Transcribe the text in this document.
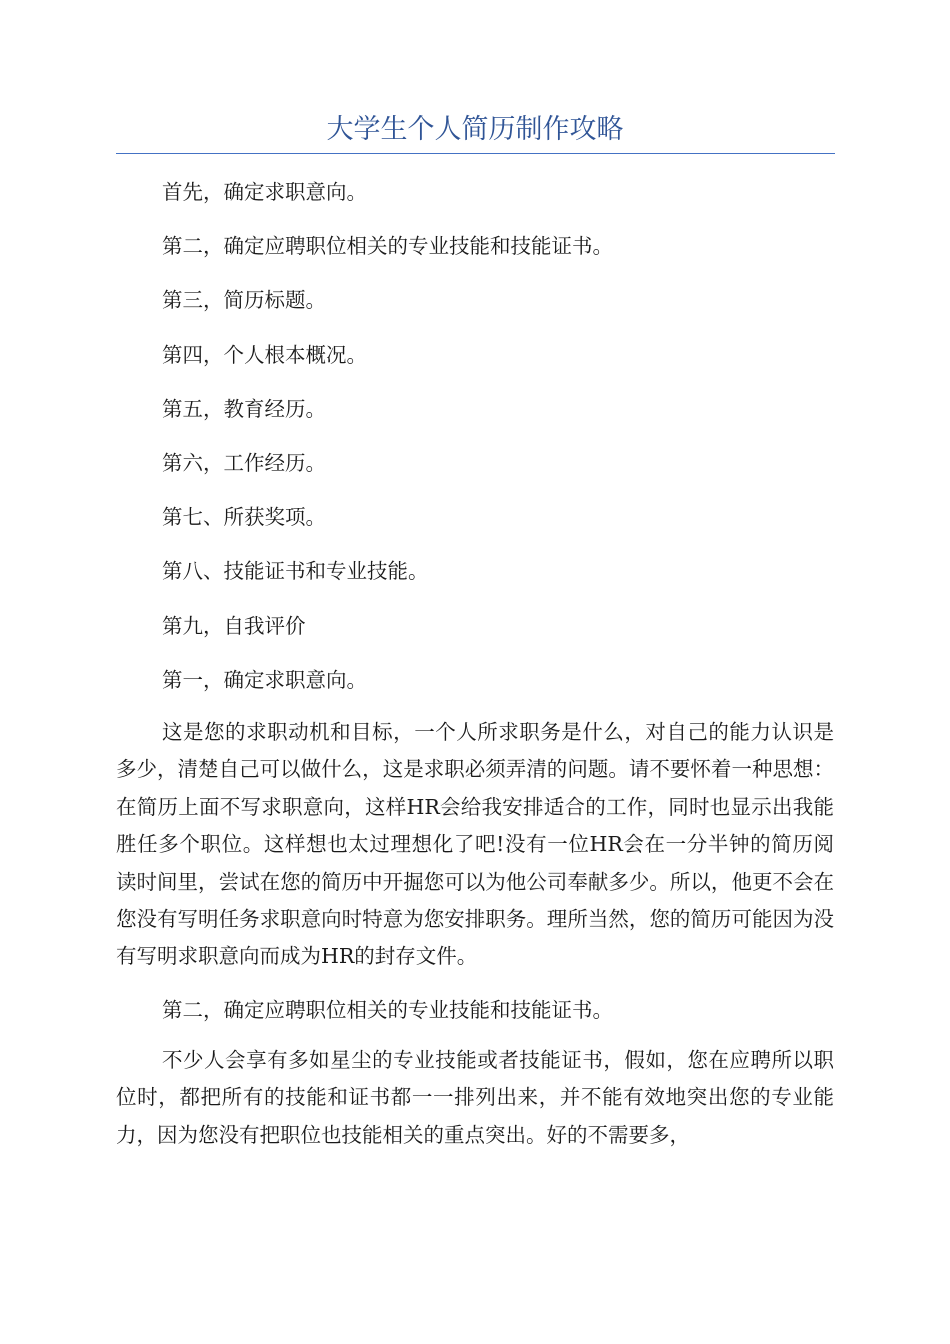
大学生个人简历制作攻略

首先，确定求职意向。

第二，确定应聘职位相关的专业技能和技能证书。

第三，简历标题。

第四，个人根本概况。

第五，教育经历。

第六，工作经历。

第七、所获奖项。

第八、技能证书和专业技能。

第九，自我评价

第一，确定求职意向。

这是您的求职动机和目标，一个人所求职务是什么，对自己的能力认识是多少，清楚自己可以做什么，这是求职必须弄清的问题。请不要怀着一种思想：在简历上面不写求职意向，这样HR会给我安排适合的工作，同时也显示出我能胜任多个职位。这样想也太过理想化了吧!没有一位HR会在一分半钟的简历阅读时间里，尝试在您的简历中开掘您可以为他公司奉献多少。所以，他更不会在您没有写明任务求职意向时特意为您安排职务。理所当然，您的简历可能因为没有写明求职意向而成为HR的封存文件。

第二，确定应聘职位相关的专业技能和技能证书。

不少人会享有多如星尘的专业技能或者技能证书，假如，您在应聘所以职位时，都把所有的技能和证书都一一排列出来，并不能有效地突出您的专业能力，因为您没有把职位也技能相关的重点突出。好的不需要多，
